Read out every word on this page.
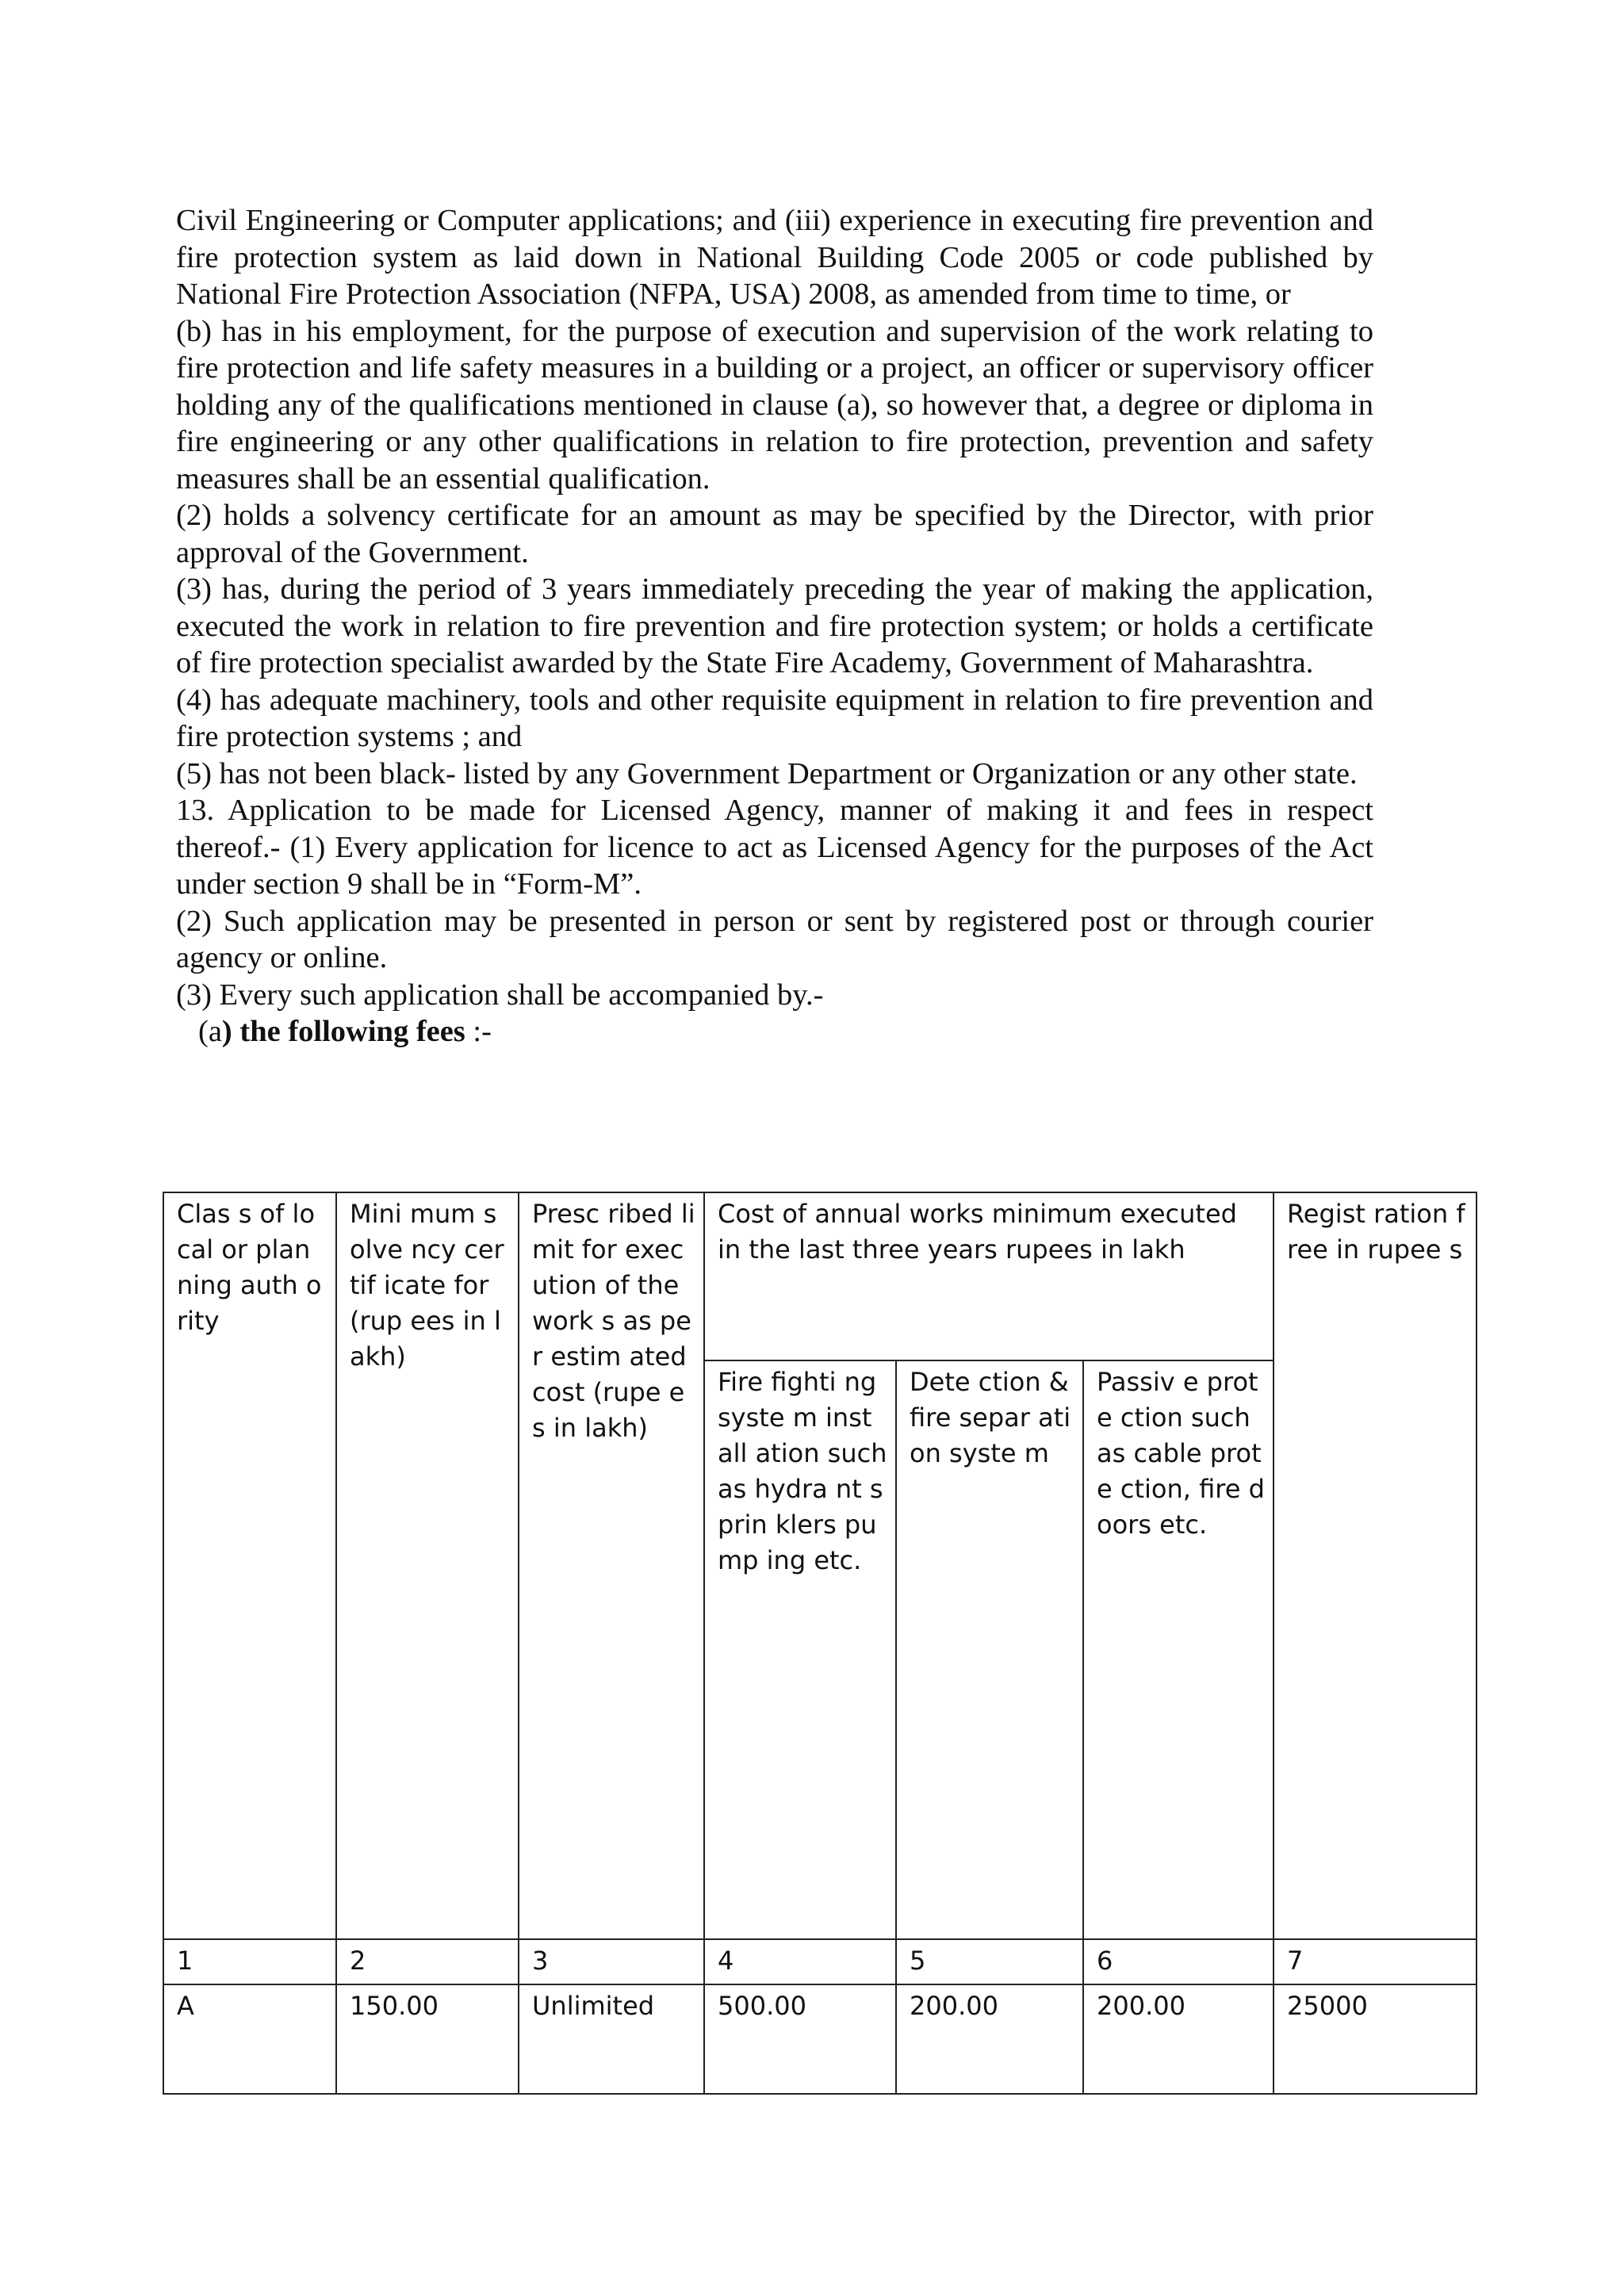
Civil Engineering or Computer applications; and (iii) experience in executing fire prevention and fire protection system as laid down in National Building Code 2005 or code published by National Fire Protection Association (NFPA, USA) 2008, as amended from time to time, or

(b) has in his employment, for the purpose of execution and supervision of the work relating to fire protection and life safety measures in a building or a project, an officer or supervisory officer holding any of the qualifications mentioned in clause (a), so however that, a degree or diploma in fire engineering or any other qualifications in relation to fire protection, prevention and safety measures shall be an essential qualification.

(2) holds a solvency certificate for an amount as may be specified by the Director, with prior approval of the Government.

(3) has, during the period of 3 years immediately preceding the year of making the application, executed the work in relation to fire prevention and fire protection system; or holds a certificate of fire protection specialist awarded by the State Fire Academy, Government of Maharashtra.

(4) has adequate machinery, tools and other requisite equipment in relation to fire prevention and fire protection systems ; and

(5) has not been black- listed by any Government Department or Organization or any other state.

13. Application to be made for Licensed Agency, manner of making it and fees in respect thereof.- (1) Every application for licence to act as Licensed Agency for the purposes of the Act under section 9 shall be in “Form-M”.

(2) Such application may be presented in person or sent by registered post or through courier agency or online.

(3) Every such application shall be accompanied by.-

(a) the following fees :-

Clas s of local or plan ning auth ority	Mini mum solve ncy certif icate for (rup ees in lakh)	Presc ribed limit for exec ution of the work s as per estim ated cost (rupe es in lakh)	Cost of annual works minimum executed in the last three years rupees in lakh			Regist ration free in rupee s
			Fire fighti ng syste m install ation such as hydra nt sprin klers pump ing etc.	Dete ction & fire separ ation syste m	Passiv e prote ction such as cable prote ction, fire doors etc.	
1	2	3	4	5	6	7
A	150.00	Unlimited	500.00	200.00	200.00	25000
